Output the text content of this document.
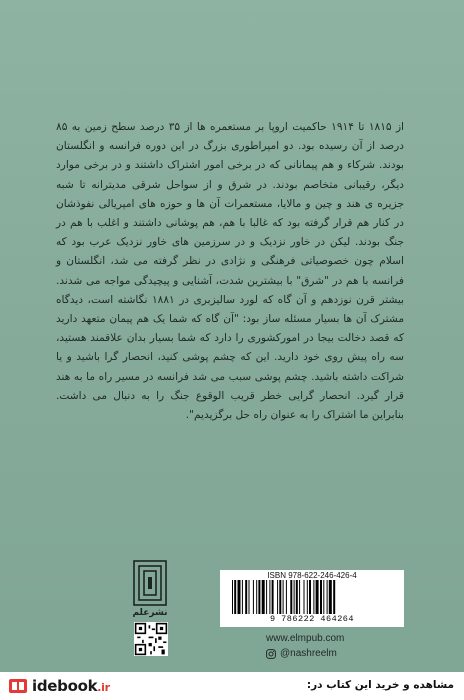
از ۱۸۱۵ تا ۱۹۱۴ حاکمیت اروپا بر مستعمره ها از ۳۵ درصد سطح زمین به ۸۵ درصد از آن رسیده بود. دو امپراطوری بزرگ در این دوره فرانسه و انگلستان بودند. شرکاء و هم پیمانانی که در برخی امور اشتراک داشتند و در برخی موارد دیگر، رقیبانی متخاصم بودند. در شرق و از سواحل شرقی مدیترانه تا شبه جزیره ی هند و چین و مالایا، مستعمرات آن ها و حوزه های امپریالی نفوذشان در کنار هم قرار گرفته بود که غالبا با هم، هم پوشانی داشتند و اغلب با هم در جنگ بودند. لیکن در خاور نزدیک و در سرزمین های خاور نزدیک عرب بود که اسلام چون خصوصیاتی فرهنگی و نژادی در نظر گرفته می شد، انگلستان و فرانسه با هم در "شرق" با بیشترین شدت، آشنایی و پیچیدگی مواجه می شدند. بیشتر قرن نوزدهم و آن گاه که لورد سالیزبری در ۱۸۸۱ نگاشته است، دیدگاه مشترک آن ها بسیار مسئله ساز بود: "آن گاه که شما یک هم پیمان متعهد دارید که قصد دخالت بیجا در امورکشوری را دارد که شما بسیار بدان علاقمند هستید، سه راه پیش روی خود دارید. این که چشم پوشی کنید، انحصار گرا باشید و یا شراکت داشته باشید. چشم پوشی سبب می شد فرانسه در مسیر راه ما به هند قرار گیرد. انحصار گرایی خطر قریب الوقوع جنگ را به دنبال می داشت. بنابراین ما اشتراک را به عنوان راه حل برگزیدیم".

نشرعلم
ISBN 978-622-246-426-4
9 786222 464264
www.elmpub.com
@nashreelm
idebook.ir	مشاهده و خرید این کتاب در:
